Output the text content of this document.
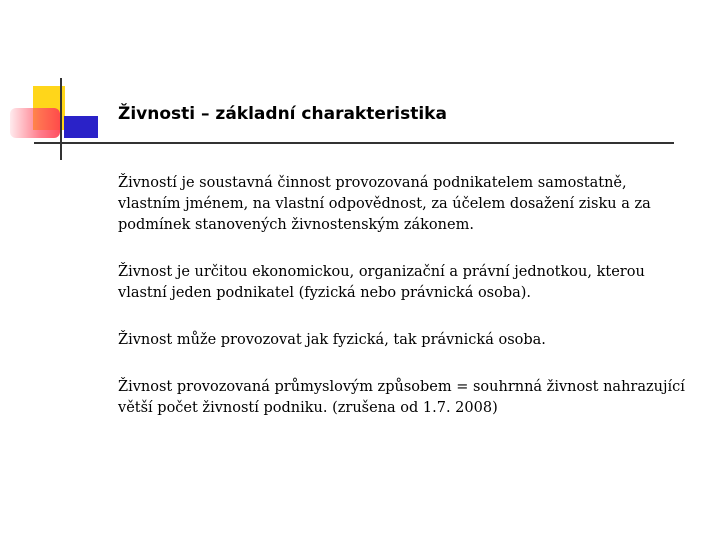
Živnosti – základní charakteristika

Živností je soustavná činnost provozovaná podnikatelem samostatně, vlastním jménem, na vlastní odpovědnost, za účelem dosažení zisku a za podmínek stanovených živnostenským zákonem.

Živnost je určitou ekonomickou, organizační a právní jednotkou, kterou vlastní jeden podnikatel (fyzická nebo právnická osoba).

Živnost může provozovat jak fyzická, tak právnická osoba.

Živnost provozovaná průmyslovým způsobem = souhrnná živnost nahrazující větší počet živností podniku. (zrušena od 1.7. 2008)
